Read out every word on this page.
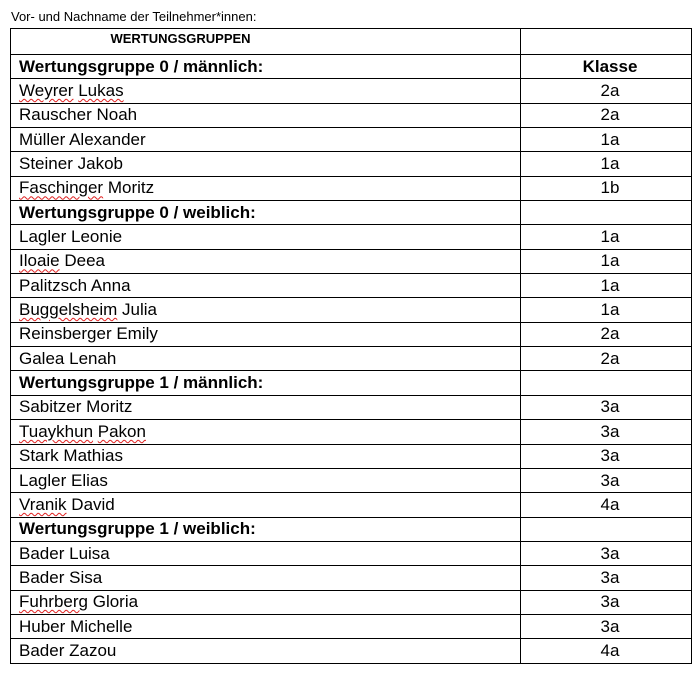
Vor- und Nachname der Teilnehmer*innen:
WERTUNGSGRUPPEN	
Wertungsgruppe 0 / männlich:	Klasse
Weyrer Lukas	2a
Rauscher Noah	2a
Müller Alexander	1a
Steiner Jakob	1a
Faschinger Moritz	1b
Wertungsgruppe 0 / weiblich:	
Lagler Leonie	1a
Iloaie Deea	1a
Palitzsch Anna	1a
Buggelsheim Julia	1a
Reinsberger Emily	2a
Galea Lenah	2a
Wertungsgruppe 1 / männlich:	
Sabitzer Moritz	3a
Tuaykhun Pakon	3a
Stark Mathias	3a
Lagler Elias	3a
Vranik David	4a
Wertungsgruppe 1 / weiblich:	
Bader Luisa	3a
Bader Sisa	3a
Fuhrberg Gloria	3a
Huber Michelle	3a
Bader Zazou	4a
